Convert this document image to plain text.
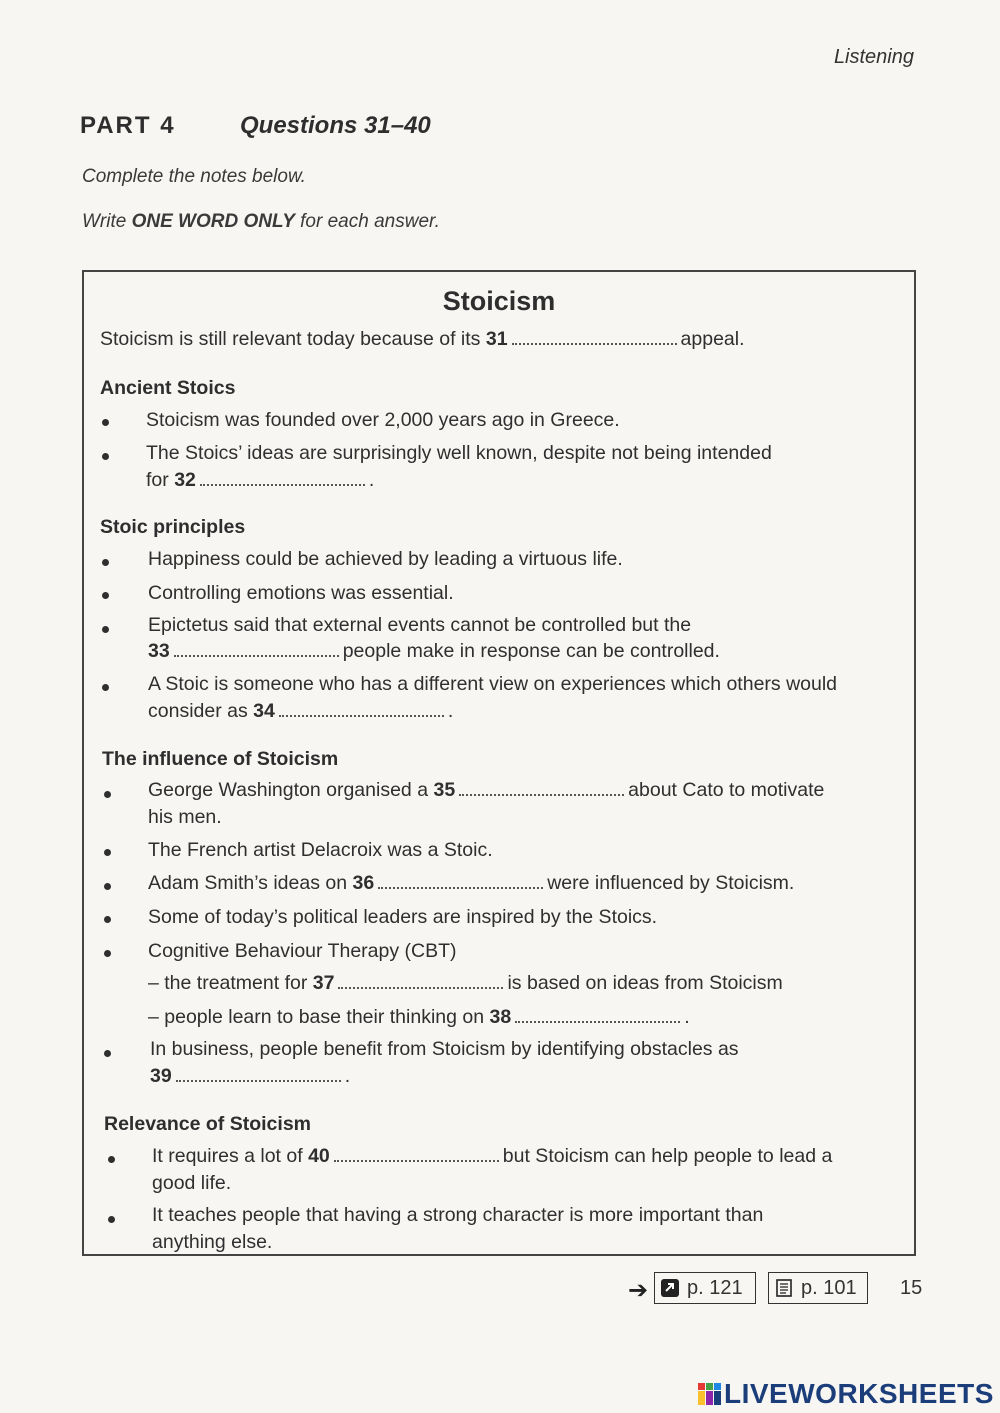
Listening
PART 4	Questions 31–40
Complete the notes below.
Write ONE WORD ONLY for each answer.
Stoicism
Stoicism is still relevant today because of its 31	appeal.
Ancient Stoics
Stoicism was founded over 2,000 years ago in Greece.
The Stoics’ ideas are surprisingly well known, despite not being intended
for 32	.
Stoic principles
Happiness could be achieved by leading a virtuous life.
Controlling emotions was essential.
Epictetus said that external events cannot be controlled but the
33	people make in response can be controlled.
A Stoic is someone who has a different view on experiences which others would
consider as 34	.
The influence of Stoicism
George Washington organised a 35	about Cato to motivate
his men.
The French artist Delacroix was a Stoic.
Adam Smith’s ideas on 36	were influenced by Stoicism.
Some of today’s political leaders are inspired by the Stoics.
Cognitive Behaviour Therapy (CBT)
– the treatment for 37	is based on ideas from Stoicism
– people learn to base their thinking on 38	.
In business, people benefit from Stoicism by identifying obstacles as
39	.
Relevance of Stoicism
It requires a lot of 40	but Stoicism can help people to lead a
good life.
It teaches people that having a strong character is more important than
anything else.
➔ p. 121	p. 101 15
LIVEWORKSHEETS
